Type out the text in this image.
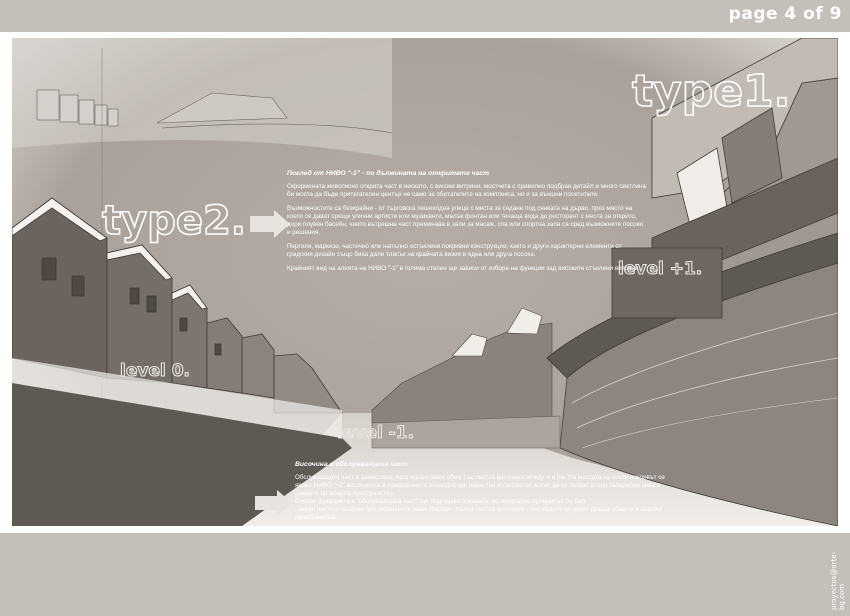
page 4 of 9
type1.
type2.
level +1.
level 0.
level -1.
Поглед от НИВО "-1" - по дължината на откритата част

Оформената живописно открита част в ниското, с високи витрини, мостчета с правилно подбран детайл и много светлина би могла да бъде притегателен център не само за обитателите на комплекса, но и за външни посетители.

Възможностите са безкрайни - от търговска пешеходна улица с места за сядане под сянката на дърво, през място на което се дават срещи улични артисти или музиканти, малък фонтан или течаща вода до ресторант с места за открито, дори плувен басейн, чиито вътрешна част преминава в зали за масаж, спа или спортна зала са сред възможните посоки и решения.

Перголи, маркизи, частично или напълно остъклени покривни конструкции, както и други характерни елементи от градския дизайн също биха дали тласък на крайната визия в една или друга посока.

Крайният вид на алеята на НИВО "-1" в голяма степен ще зависи от избора на функции зад високите стъклени витрини.

Височина в обслужващата част

Обслужващата част е замислена, като едноетажен обем със светла височина между 4 и 5м. На местата на които покривът се явява НИВО "+2" височината в помещенията очевидно ще нарастне и съответно могат да се появят втори галерийни нива в рамките на общото пространство.

Отново функцията в "обслужващата част" ще подсказва посоката, но генерално принципът би бил:

- ниски части и галерии при сервизните зони. Високи - пълна светла височина - там където си дават среща общите и широки пространства.

proyectos@arte-bg.com
